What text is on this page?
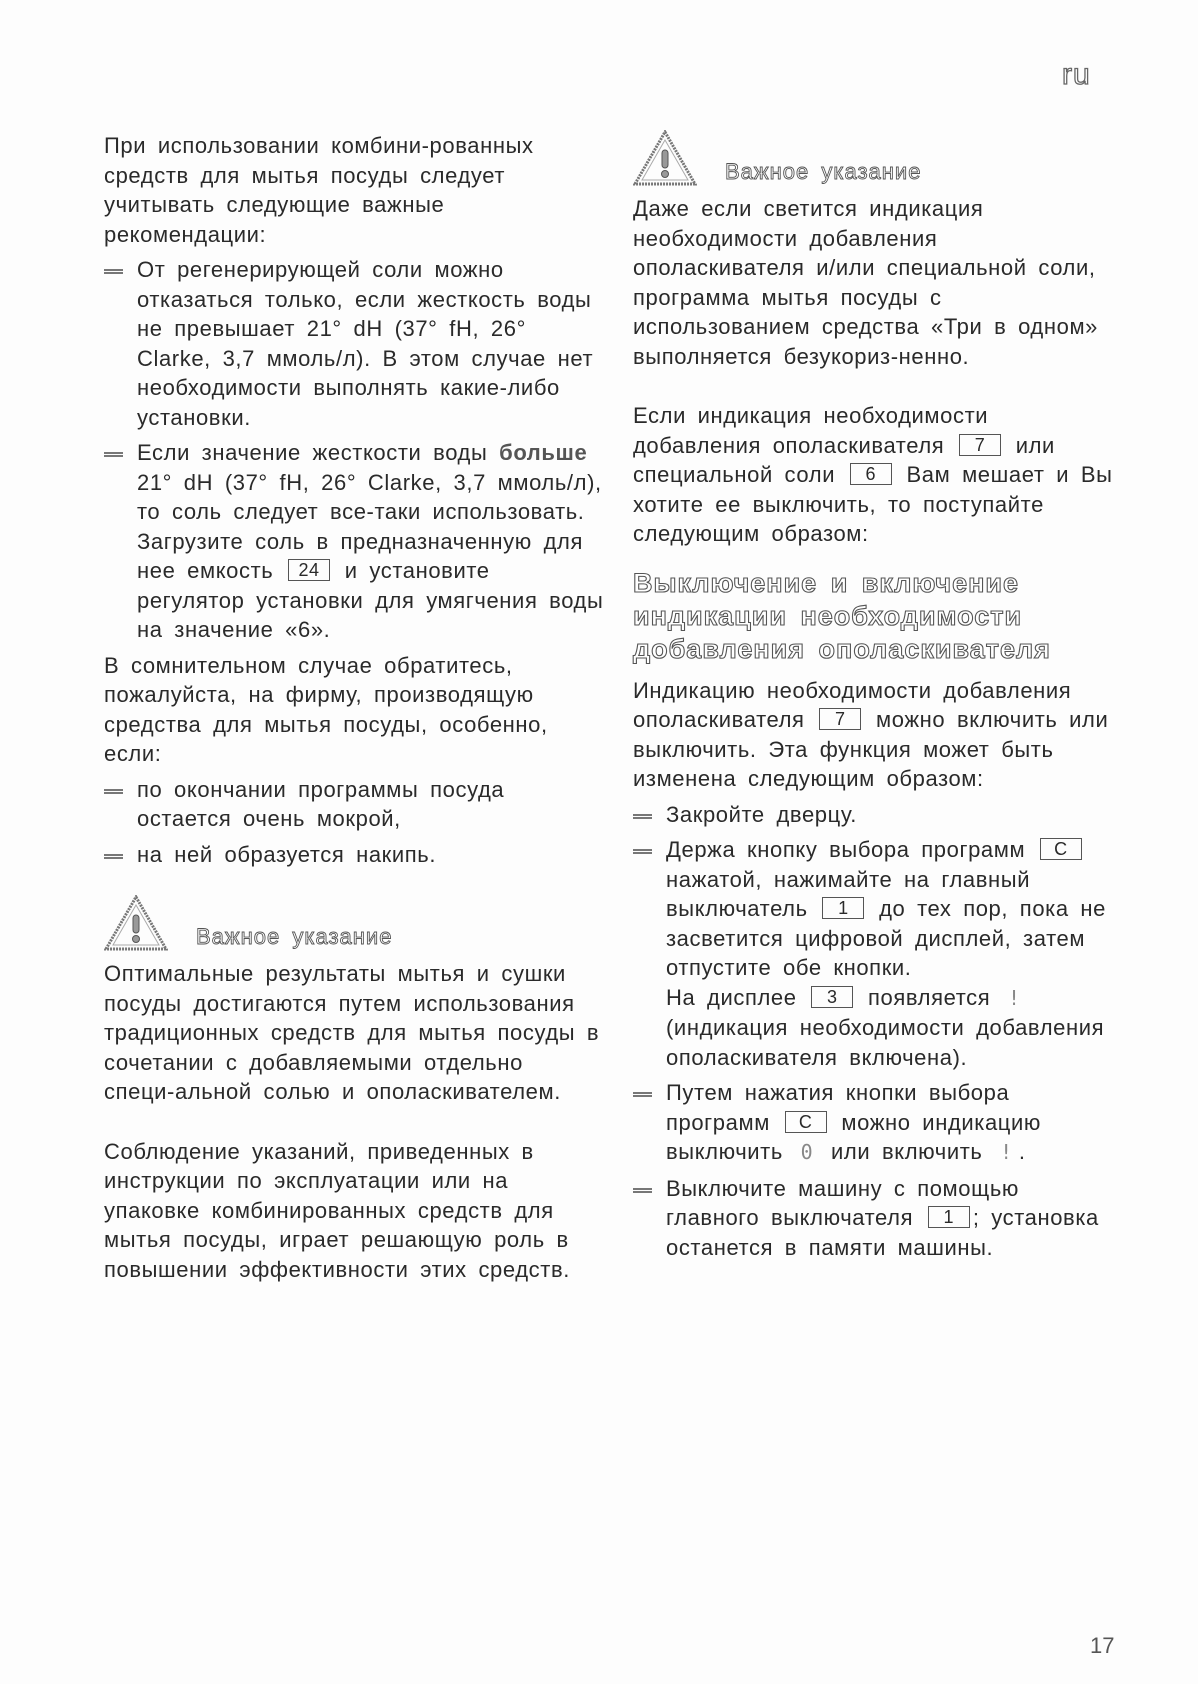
ru

При использовании комбини-рованных средств для мытья посуды следует учитывать следующие важные рекомендации:

От регенерирующей соли можно отказаться только, если жесткость воды не превышает 21° dH (37° fH, 26° Clarke, 3,7 ммоль/л). В этом случае нет необходимости выполнять какие-либо установки.
Если значение жесткости воды больше 21° dH (37° fH, 26° Clarke, 3,7 ммоль/л), то соль следует все-таки использовать. Загрузите соль в предназначенную для нее емкость 24 и установите регулятор установки для умягчения воды на значение «6».

В сомнительном случае обратитесь, пожалуйста, на фирму, производящую средства для мытья посуды, особенно, если:

по окончании программы посуда остается очень мокрой,
на ней образуется накипь.
Важное указание

Оптимальные результаты мытья и сушки посуды достигаются путем использования традиционных средств для мытья посуды в сочетании с добавляемыми отдельно специ-альной солью и ополаскивателем.

Соблюдение указаний, приведенных в инструкции по эксплуатации или на упаковке комбинированных средств для мытья посуды, играет решающую роль в повышении эффективности этих средств.

Важное указание

Даже если светится индикация необходимости добавления ополаскивателя и/или специальной соли, программа мытья посуды с использованием средства «Три в одном» выполняется безукориз-ненно.

Если индикация необходимости добавления ополаскивателя 7 или специальной соли 6 Вам мешает и Вы хотите ее выключить, то поступайте следующим образом:

Выключение и включение индикации необходимости добавления ополаскивателя

Индикацию необходимости добавления ополаскивателя 7 можно включить или выключить. Эта функция может быть изменена следующим образом:

Закройте дверцу.
Держа кнопку выбора программ C нажатой, нажимайте на главный выключатель 1 до тех пор, пока не засветится цифровой дисплей, затем отпустите обе кнопки.
На дисплее 3 появляется !
(индикация необходимости добавления ополаскивателя включена).
Путем нажатия кнопки выбора программ C можно индикацию выключить 0 или включить ! .
Выключите машину с помощью главного выключателя 1 ; установка останется в памяти машины.
17
